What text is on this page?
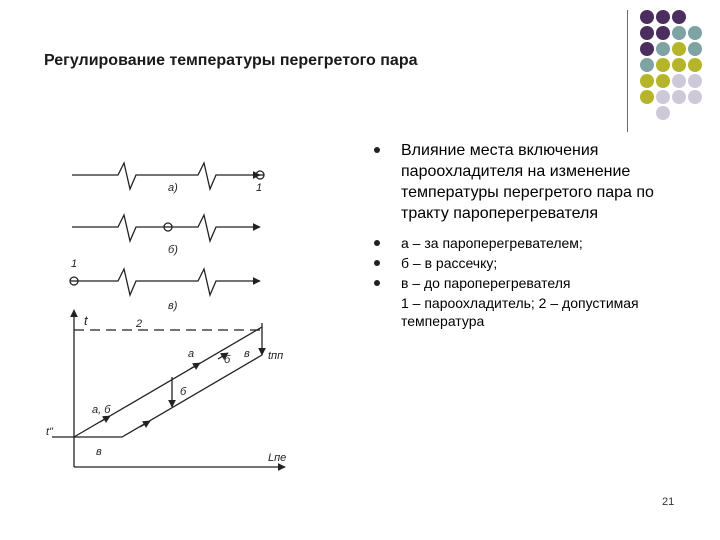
Регулирование температуры перегретого пара
Влияние места включения пароохладителя на изменение температуры перегретого пара по тракту пароперегревателя
а – за пароперегревателем;
б – в рассечку;
в – до пароперегревателя
1 – пароохладитель; 2 – допустимая температура
а)	1
б)
1
в)
t	2
tпп
t"
Lпе
а	б в
б
а, б
в
21
